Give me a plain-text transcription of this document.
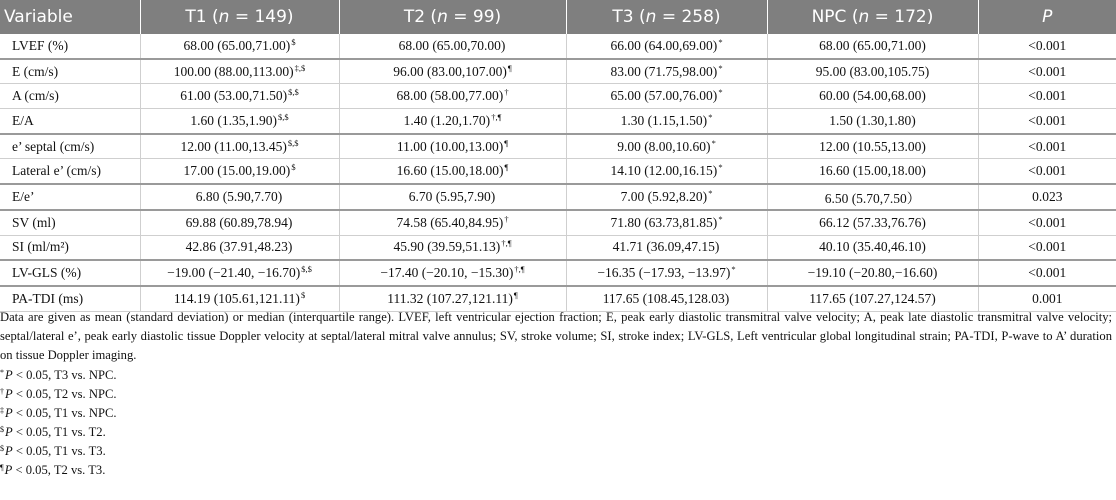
Variable	T1 (n = 149)	T2 (n = 99)	T3 (n = 258)	NPC (n = 172)	P
LVEF (%)	68.00 (65.00,71.00)$	68.00 (65.00,70.00)	66.00 (64.00,69.00)*	68.00 (65.00,71.00)	<0.001
E (cm/s)	100.00 (88.00,113.00)‡,$	96.00 (83.00,107.00)¶	83.00 (71.75,98.00)*	95.00 (83.00,105.75)	<0.001
A (cm/s)	61.00 (53.00,71.50)$,$	68.00 (58.00,77.00)†	65.00 (57.00,76.00)*	60.00 (54.00,68.00)	<0.001
E/A	1.60 (1.35,1.90)$,$	1.40 (1.20,1.70)†,¶	1.30 (1.15,1.50)*	1.50 (1.30,1.80)	<0.001
e’ septal (cm/s)	12.00 (11.00,13.45)$,$	11.00 (10.00,13.00)¶	9.00 (8.00,10.60)*	12.00 (10.55,13.00)	<0.001
Lateral e’ (cm/s)	17.00 (15.00,19.00)$	16.60 (15.00,18.00)¶	14.10 (12.00,16.15)*	16.60 (15.00,18.00)	<0.001
E/e’	6.80 (5.90,7.70)	6.70 (5.95,7.90)	7.00 (5.92,8.20)*	6.50 (5.70,7.50）	0.023
SV (ml)	69.88 (60.89,78.94)	74.58 (65.40,84.95)†	71.80 (63.73,81.85)*	66.12 (57.33,76.76)	<0.001
SI (ml/m²)	42.86 (37.91,48.23)	45.90 (39.59,51.13)†,¶	41.71 (36.09,47.15)	40.10 (35.40,46.10)	<0.001
LV-GLS (%)	−19.00 (−21.40, −16.70)$,$	−17.40 (−20.10, −15.30)†,¶	−16.35 (−17.93, −13.97)*	−19.10 (−20.80,−16.60)	<0.001
PA-TDI (ms)	114.19 (105.61,121.11)$	111.32 (107.27,121.11)¶	117.65 (108.45,128.03)	117.65 (107.27,124.57)	0.001

Data are given as mean (standard deviation) or median (interquartile range). LVEF, left ventricular ejection fraction; E, peak early diastolic transmitral valve velocity; A, peak late diastolic transmitral valve velocity; septal/lateral e’, peak early diastolic tissue Doppler velocity at septal/lateral mitral valve annulus; SV, stroke volume; SI, stroke index; LV-GLS, Left ventricular global longitudinal strain; PA-TDI, P-wave to A’ duration on tissue Doppler imaging.

*P < 0.05, T3 vs. NPC.

†P < 0.05, T2 vs. NPC.

‡P < 0.05, T1 vs. NPC.

$P < 0.05, T1 vs. T2.

$P < 0.05, T1 vs. T3.

¶P < 0.05, T2 vs. T3.
